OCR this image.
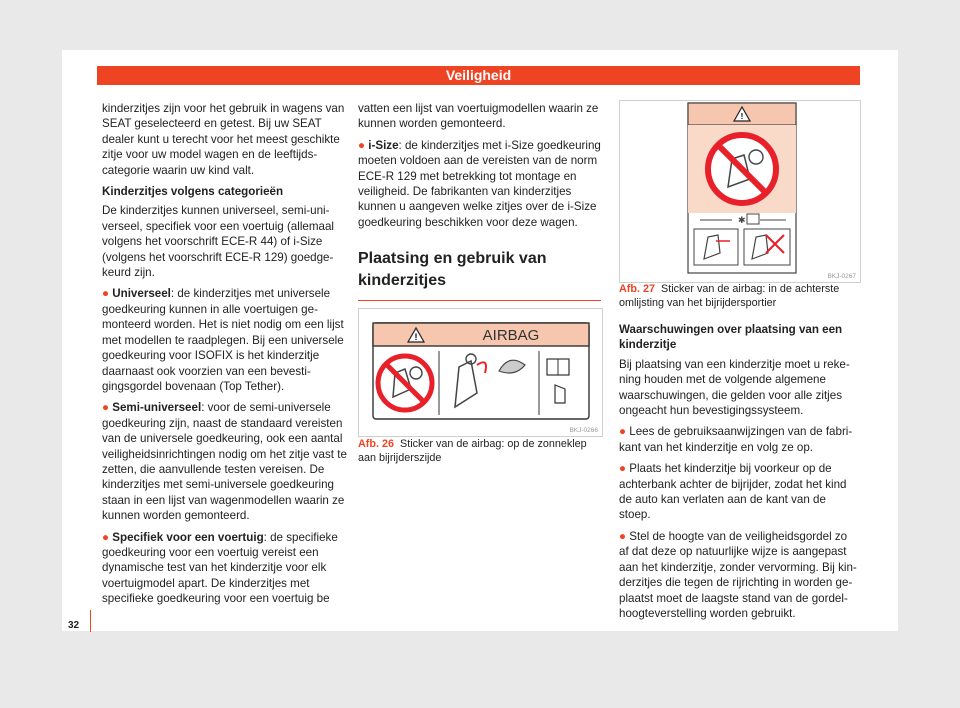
Veiligheid

kinderzitjes zijn voor het gebruik in wagens van SEAT geselecteerd en getest. Bij uw SEAT dealer kunt u terecht voor het meest geschikte zitje voor uw model wagen en de leeftijdscategorie waarin uw kind valt.

Kinderzitjes volgens categorieën

De kinderzitjes kunnen universeel, semi-universeel, specifiek voor een voertuig (allemaal volgens het voorschrift ECE-R 44) of i-Size (volgens het voorschrift ECE-R 129) goedgekeurd zijn.

● Universeel: de kinderzitjes met universele goedkeuring kunnen in alle voertuigen gemonteerd worden. Het is niet nodig om een lijst met modellen te raadplegen. Bij een universele goedkeuring voor ISOFIX is het kinderzitje daarnaast ook voorzien van een bevestigingsgordel bovenaan (Top Tether).

● Semi-universeel: voor de semi-universele goedkeuring zijn, naast de standaard vereisten van de universele goedkeuring, ook een aantal veiligheidsinrichtingen nodig om het zitje vast te zetten, die aanvullende testen vereisen. De kinderzitjes met semi-universele goedkeuring staan in een lijst van wagenmodellen waarin ze kunnen worden gemonteerd.

● Specifiek voor een voertuig: de specifieke goedkeuring voor een voertuig vereist een dynamische test van het kinderzitje voor elk voertuigmodel apart. De kinderzitjes met specifieke goedkeuring voor een voertuig be

vatten een lijst van voertuigmodellen waarin ze kunnen worden gemonteerd.

● i-Size: de kinderzitjes met i-Size goedkeuring moeten voldoen aan de vereisten van de norm ECE-R 129 met betrekking tot montage en veiligheid. De fabrikanten van kinderzitjes kunnen u aangeven welke zitjes over de i-Size goedkeuring beschikken voor deze wagen.

Plaatsing en gebruik van kinderzitjes

!	AIRBAG
BKJ-0266
Afb. 26 Sticker van de airbag: op de zonneklep aan bijrijderszijde
!
✱
BKJ-0267
Afb. 27 Sticker van de airbag: in de achterste omlijsting van het bijrijdersportier

Waarschuwingen over plaatsing van een kinderzitje

Bij plaatsing van een kinderzitje moet u rekening houden met de volgende algemene waarschuwingen, die gelden voor alle zitjes ongeacht hun bevestigingssysteem.

● Lees de gebruiksaanwijzingen van de fabrikant van het kinderzitje en volg ze op.

● Plaats het kinderzitje bij voorkeur op de achterbank achter de bijrijder, zodat het kind de auto kan verlaten aan de kant van de stoep.

● Stel de hoogte van de veiligheidsgordel zo af dat deze op natuurlijke wijze is aangepast aan het kinderzitje, zonder vervorming. Bij kinderzitjes die tegen de rijrichting in worden geplaatst moet de laagste stand van de gordelhoogteverstelling worden gebruikt.

32
